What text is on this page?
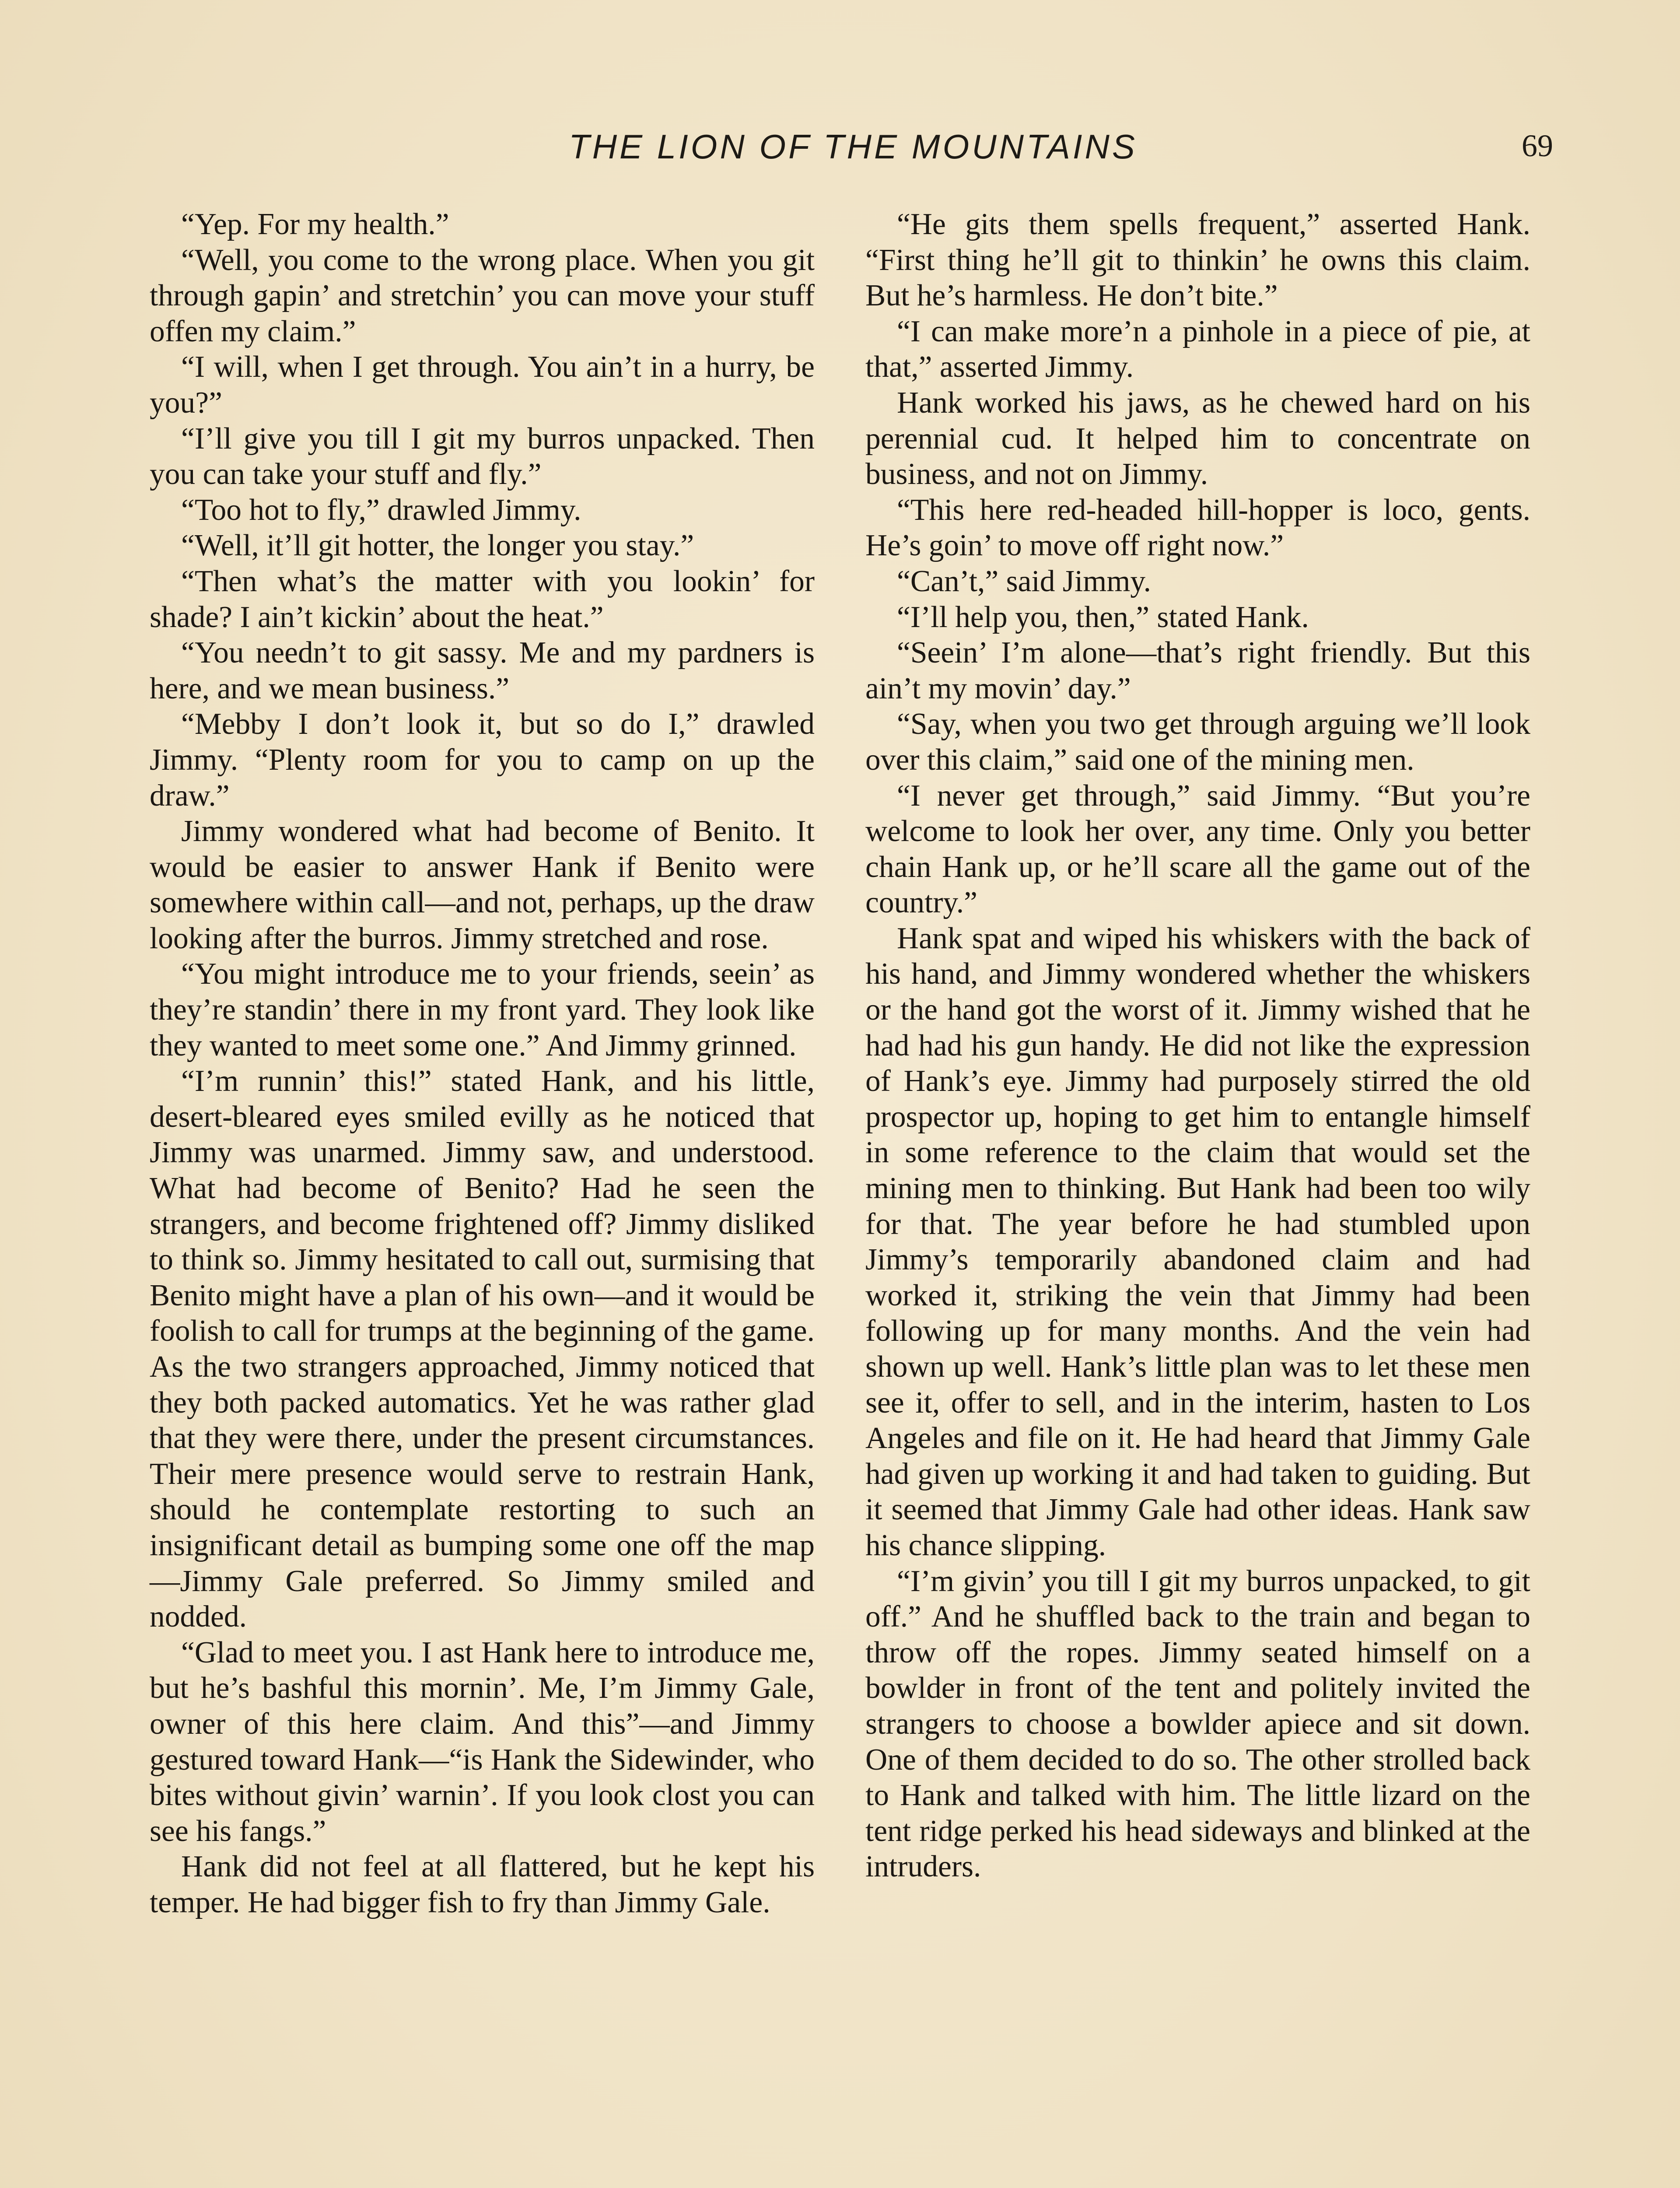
THE LION OF THE MOUNTAINS	69

“Yep. For my health.”

“Well, you come to the wrong place. When you git through gapin’ and stretchin’ you can move your stuff offen my claim.”

“I will, when I get through. You ain’t in a hurry, be you?”

“I’ll give you till I git my burros unpacked. Then you can take your stuff and fly.”

“Too hot to fly,” drawled Jimmy.

“Well, it’ll git hotter, the longer you stay.”

“Then what’s the matter with you lookin’ for shade? I ain’t kickin’ about the heat.”

“You needn’t to git sassy. Me and my pardners is here, and we mean business.”

“Mebby I don’t look it, but so do I,” drawled Jimmy. “Plenty room for you to camp on up the draw.”

Jimmy wondered what had become of Benito. It would be easier to answer Hank if Benito were somewhere within call—and not, perhaps, up the draw looking after the burros. Jimmy stretched and rose.

“You might introduce me to your friends, seein’ as they’re standin’ there in my front yard. They look like they wanted to meet some one.” And Jimmy grinned.

“I’m runnin’ this!” stated Hank, and his little, desert-bleared eyes smiled evilly as he noticed that Jimmy was unarmed. Jimmy saw, and understood. What had become of Benito? Had he seen the strangers, and become frightened off? Jimmy disliked to think so. Jimmy hesitated to call out, surmising that Benito might have a plan of his own—and it would be foolish to call for trumps at the beginning of the game. As the two strangers approached, Jimmy noticed that they both packed automatics. Yet he was rather glad that they were there, under the present circumstances. Their mere presence would serve to restrain Hank, should he contemplate restorting to such an insignificant detail as bumping some one off the map—Jimmy Gale preferred. So Jimmy smiled and nodded.

“Glad to meet you. I ast Hank here to introduce me, but he’s bashful this mornin’. Me, I’m Jimmy Gale, owner of this here claim. And this”—and Jimmy gestured toward Hank—“is Hank the Sidewinder, who bites without givin’ warnin’. If you look clost you can see his fangs.”

Hank did not feel at all flattered, but he kept his temper. He had bigger fish to fry than Jimmy Gale.

“He gits them spells frequent,” asserted Hank. “First thing he’ll git to thinkin’ he owns this claim. But he’s harmless. He don’t bite.”

“I can make more’n a pinhole in a piece of pie, at that,” asserted Jimmy.

Hank worked his jaws, as he chewed hard on his perennial cud. It helped him to concentrate on business, and not on Jimmy.

“This here red-headed hill-hopper is loco, gents. He’s goin’ to move off right now.”

“Can’t,” said Jimmy.

“I’ll help you, then,” stated Hank.

“Seein’ I’m alone—that’s right friendly. But this ain’t my movin’ day.”

“Say, when you two get through arguing we’ll look over this claim,” said one of the mining men.

“I never get through,” said Jimmy. “But you’re welcome to look her over, any time. Only you better chain Hank up, or he’ll scare all the game out of the country.”

Hank spat and wiped his whiskers with the back of his hand, and Jimmy wondered whether the whiskers or the hand got the worst of it. Jimmy wished that he had had his gun handy. He did not like the expression of Hank’s eye. Jimmy had purposely stirred the old prospector up, hoping to get him to entangle himself in some reference to the claim that would set the mining men to thinking. But Hank had been too wily for that. The year before he had stumbled upon Jimmy’s temporarily abandoned claim and had worked it, striking the vein that Jimmy had been following up for many months. And the vein had shown up well. Hank’s little plan was to let these men see it, offer to sell, and in the interim, hasten to Los Angeles and file on it. He had heard that Jimmy Gale had given up working it and had taken to guiding. But it seemed that Jimmy Gale had other ideas. Hank saw his chance slipping.

“I’m givin’ you till I git my burros unpacked, to git off.” And he shuffled back to the train and began to throw off the ropes. Jimmy seated himself on a bowlder in front of the tent and politely invited the strangers to choose a bowlder apiece and sit down. One of them decided to do so. The other strolled back to Hank and talked with him. The little lizard on the tent ridge perked his head sideways and blinked at the intruders.
